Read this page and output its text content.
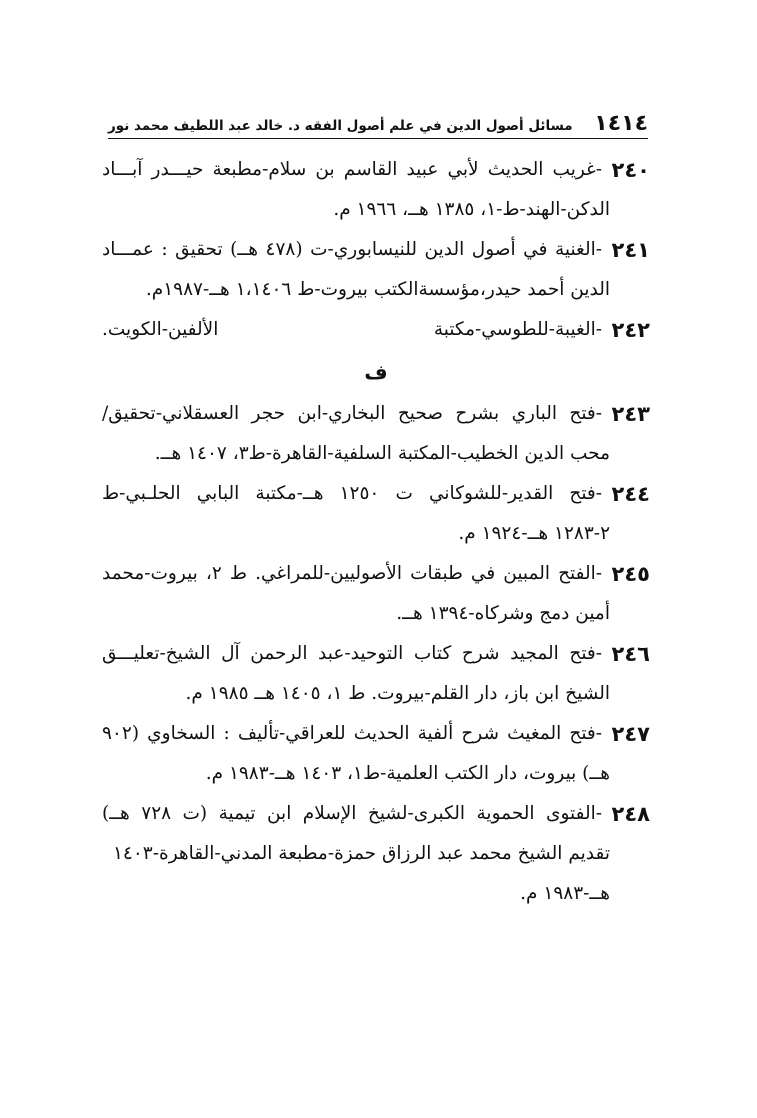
١٤١٤
مسائل أصول الدين في علم أصول الفقه د. خالد عبد اللطيف محمد نور
٢٤٠
-غريب الحديث لأبي عبيد القاسم بن سلام-مطبعة حيـــدر آبـــاد
الدكن-الهند-ط-١، ١٣٨٥ هــ، ١٩٦٦ م.
٢٤١
-الغنية في أصول الدين للنيسابوري-ت (٤٧٨ هــ) تحقيق : عمـــاد
الدين أحمد حيدر،مؤسسةالكتب بيروت-ط ١،١٤٠٦ هــ-١٩٨٧م.
٢٤٢
-الغيبة-للطوسي-مكتبة الألفين-الكويت.
ف
٢٤٣
-فتح الباري بشرح صحيح البخاري-ابن حجر العسقلاني-تحقيق/
محب الدين الخطيب-المكتبة السلفية-القاهرة-ط٣، ١٤٠٧ هــ.
٢٤٤
-فتح القدير-للشوكاني ت ١٢٥٠ هــ-مكتبة البابي الحلـبي-ط
٢-١٢٨٣ هــ-١٩٢٤ م.
٢٤٥
-الفتح المبين في طبقات الأصوليين-للمراغي. ط ٢، بيروت-محمد
أمين دمج وشركاه-١٣٩٤ هــ.
٢٤٦
-فتح المجيد شرح كتاب التوحيد-عبد الرحمن آل الشيخ-تعليـــق
الشيخ ابن باز، دار القلم-بيروت. ط ١، ١٤٠٥ هــ ١٩٨٥ م.
٢٤٧
-فتح المغيث شرح ألفية الحديث للعراقي-تأليف : السخاوي (٩٠٢
هــ) بيروت، دار الكتب العلمية-ط١، ١٤٠٣ هــ-١٩٨٣ م.
٢٤٨
-الفتوى الحموية الكبرى-لشيخ الإسلام ابن تيمية (ت ٧٢٨ هــ)
تقديم الشيخ محمد عبد الرزاق حمزة-مطبعة المدني-القاهرة-١٤٠٣
هــ-١٩٨٣ م.
